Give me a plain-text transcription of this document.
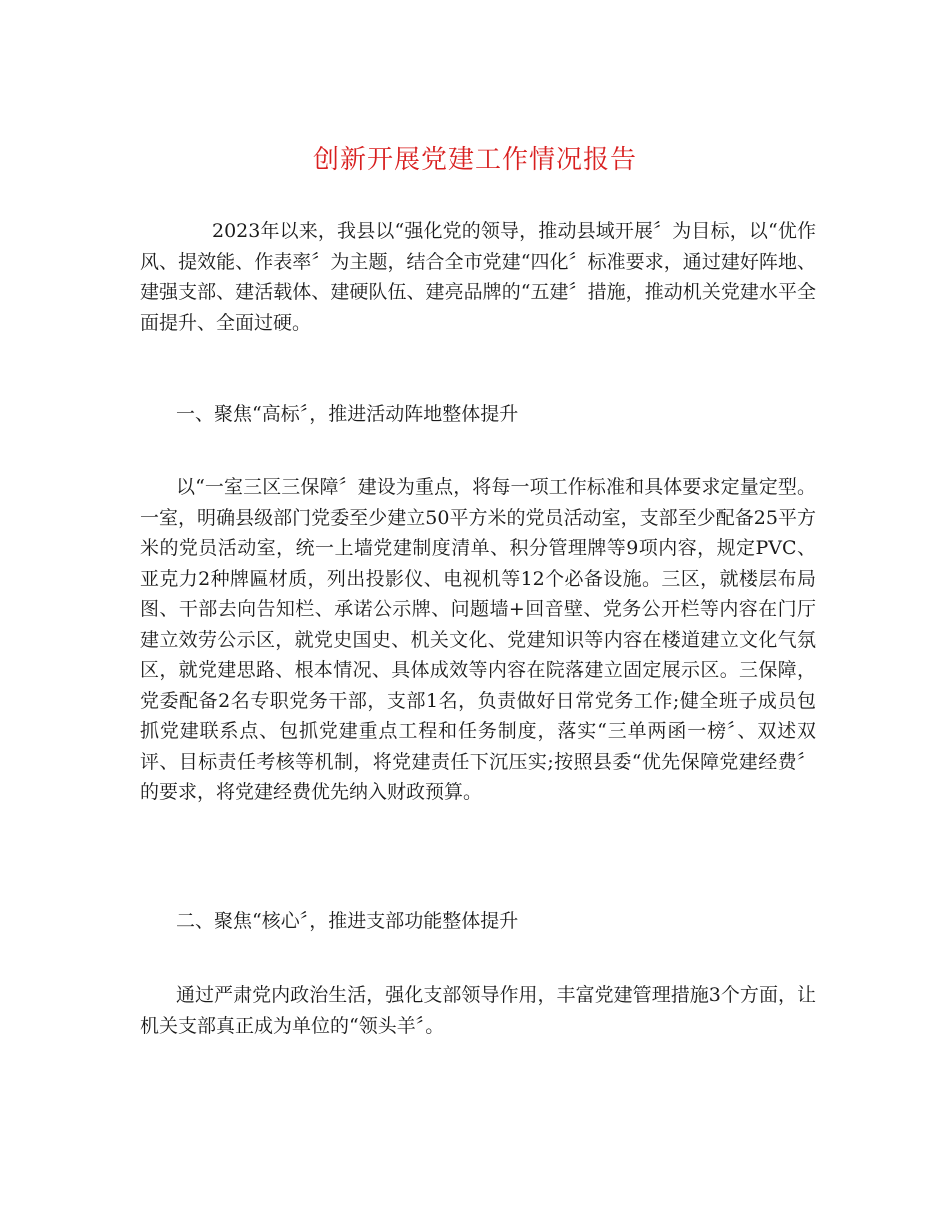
创新开展党建工作情况报告

2023年以来，我县以“强化党的领导，推动县域开展〞为目标，以“优作风、提效能、作表率〞为主题，结合全市党建“四化〞标准要求，通过建好阵地、建强支部、建活载体、建硬队伍、建亮品牌的“五建〞措施，推动机关党建水平全面提升、全面过硬。

一、聚焦“高标〞，推进活动阵地整体提升

以“一室三区三保障〞建设为重点，将每一项工作标准和具体要求定量定型。一室，明确县级部门党委至少建立50平方米的党员活动室，支部至少配备25平方米的党员活动室，统一上墙党建制度清单、积分管理牌等9项内容，规定PVC、亚克力2种牌匾材质，列出投影仪、电视机等12个必备设施。三区，就楼层布局图、干部去向告知栏、承诺公示牌、问题墙+回音壁、党务公开栏等内容在门厅建立效劳公示区，就党史国史、机关文化、党建知识等内容在楼道建立文化气氛区，就党建思路、根本情况、具体成效等内容在院落建立固定展示区。三保障，党委配备2名专职党务干部，支部1名，负责做好日常党务工作;健全班子成员包抓党建联系点、包抓党建重点工程和任务制度，落实“三单两函一榜〞、双述双评、目标责任考核等机制，将党建责任下沉压实;按照县委“优先保障党建经费〞的要求，将党建经费优先纳入财政预算。

二、聚焦“核心〞，推进支部功能整体提升

通过严肃党内政治生活，强化支部领导作用，丰富党建管理措施3个方面，让机关支部真正成为单位的“领头羊〞。
